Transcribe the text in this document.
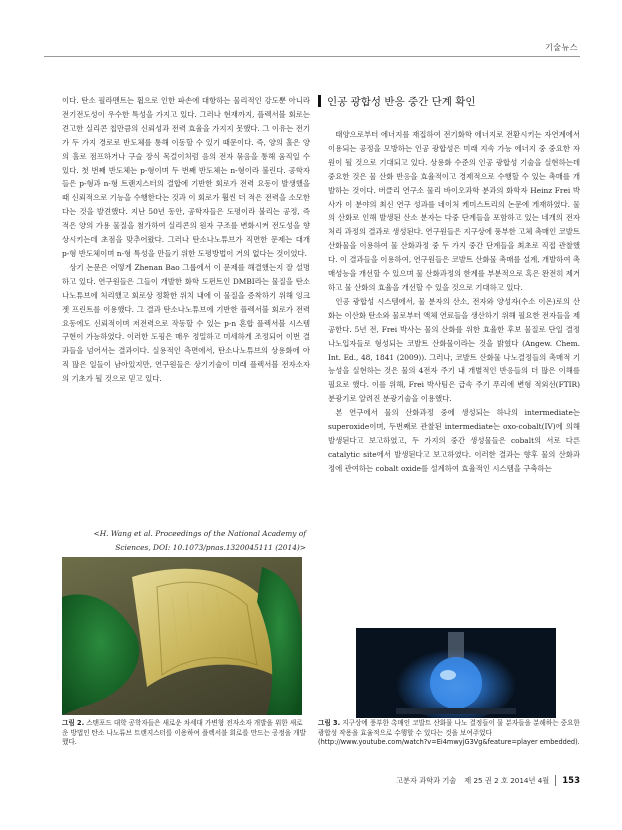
기술뉴스

이다. 탄소 필라멘트는 휨으로 인한 파손에 대항하는 물리적인 강도뿐 아니라 전기전도성이 우수한 특성을 가지고 있다. 그러나 현재까지, 플렉서블 회로는 견고한 실리콘 칩만큼의 신뢰성과 전력 효율을 가지지 못했다. 그 이유는 전기가 두 가지 경로로 반도체를 통해 이동할 수 있기 때문이다. 즉, 양의 홀은 양의 홀로 점프하거나 구슬 장식 목걸이처럼 음의 전자 묶음을 통해 움직일 수 있다. 첫 번째 반도체는 p-형이며 두 번째 반도체는 n-형이라 불린다. 공학자들은 p-형과 n-형 트랜지스터의 결합에 기반한 회로가 전력 요동이 발생했을 때 신뢰적으로 기능을 수행한다는 것과 이 회로가 훨씬 더 적은 전력을 소모한다는 것을 발견했다. 지난 50년 동안, 공학자들은 도평이라 불리는 공정, 즉 적은 양의 가용 물질을 첨가하여 실리콘의 원자 구조를 변화시켜 전도성을 향상시키는데 초점을 맞추어왔다. 그러나 탄소나노튜브가 직면한 문제는 대개 p-형 반도체이며 n-형 특성을 만들기 위한 도평방법이 거의 없다는 것이었다.

상기 논문은 어떻게 Zhenan Bao 그룹에서 이 문제를 해결했는지 잘 설명하고 있다. 연구원들은 그들이 개발한 화학 도펀트인 DMBI라는 물질을 탄소나노튜브에 처리했고 회로상 정확한 위치 내에 이 물질을 증착하기 위해 잉크젯 프린트를 이용했다. 그 결과 탄소나노튜브에 기반한 플렉서블 회로가 전력 요동에도 신뢰적이며 저전력으로 작동할 수 있는 p-n 혼합 플렉서블 시스템 구현이 가능하였다. 이러한 도핑은 매우 정밀하고 미세하게 조정되어 이번 결과들을 넘어서는 결과이다. 실용적인 측면에서, 탄소나노튜브의 상용화에 아직 많은 일들이 남아있지만, 연구원들은 상기기술이 미래 플렉서블 전자소자의 기초가 될 것으로 믿고 있다.

<H. Wang et al. Proceedings of the National Academy of
Sciences, DOI: 10.1073/pnas.1320045111 (2014)>
인공 광합성 반응 중간 단계 확인

태양으로부터 에너지를 재집하여 전기화학 에너지로 전환시키는 자연계에서 이용되는 공정을 모방하는 인공 광합성은 미래 지속 가능 에너지 중 중요한 자원이 될 것으로 기대되고 있다. 상용화 수준의 인공 광합성 기술을 실현하는데 중요한 것은 물 산화 반응을 효율적이고 경제적으로 수행할 수 있는 촉매를 개발하는 것이다. 버클리 연구소 물리 바이오과학 분과의 화학자 Heinz Frei 박사가 이 분야의 최신 연구 성과를 네이처 케미스트리의 논문에 게재하였다. 물의 산화로 인해 발생된 산소 분자는 다중 단계들을 포함하고 있는 네개의 전자 처리 과정의 결과로 생성된다. 연구원들은 지구상에 풍부한 고체 촉매인 코발트 산화물을 이용하여 물 산화과정 중 두 가지 중간 단계들을 최초로 직접 관찰했다. 이 결과들을 이용하여, 연구원들은 코발트 산화물 촉매를 설계, 개발하여 촉매성능을 개선할 수 있으며 물 산화과정의 한계를 부분적으로 혹은 완전히 제거하고 물 산화의 효율을 개선할 수 있을 것으로 기대하고 있다.

인공 광합성 시스템에서, 물 분자의 산소, 전자와 양성자(수소 이온)로의 산화는 이산화 탄소와 물로부터 액체 연료들을 생산하기 위해 필요한 전자들을 제공한다. 5년 전, Frei 박사는 물의 산화를 위한 효율한 후보 물질로 단일 결정 나노입자들로 형성되는 코발트 산화물이라는 것을 밝혔다 (Angew. Chem. Int. Ed., 48, 1841 (2009)). 그러나, 코발트 산화물 나노결정들의 촉매적 기능성을 실현하는 것은 물의 4전자 주기 내 개별적인 반응들의 더 많은 이해를 필요로 했다. 이를 위해, Frei 박사팀은 급속 주기 푸리에 변형 적외선(FTIR) 분광기로 알려진 분광기술을 이용했다.

본 연구에서 물의 산화과정 중에 생성되는 하나의 intermediate는 superoxide이며, 두번째로 관찰된 intermediate는 oxo-cobalt(IV)에 의해 발생된다고 보고하였고, 두 가지의 중간 생성물들은 cobalt의 서로 다른 catalytic site에서 발생된다고 보고하였다. 이러한 결과는 향후 물의 산화과정에 관여하는 cobalt oxide를 설계하여 효율적인 시스템을 구축하는

그림 2. 스탠포드 대학 공학자들은 새로운 차세대 가변형 전자소자 개발을 위한 새로운 방법인 탄소 나노튜브 트랜지스터를 이용하여 플렉서블 회로를 만드는 공정을 개발했다.
그림 3. 지구상에 풍부한 촉매인 코발트 산화물 나노 결정들이 물 분자들을 분해하는 중요한 광합성 작용을 효율적으로 수행할 수 있다는 것을 보여주었다(http://www.youtube.com/watch?v=Ei4mwyjG3Vg&feature=player embedded).
고분자 과학과 기술 제 25 권 2 호 2014년 4월 153
